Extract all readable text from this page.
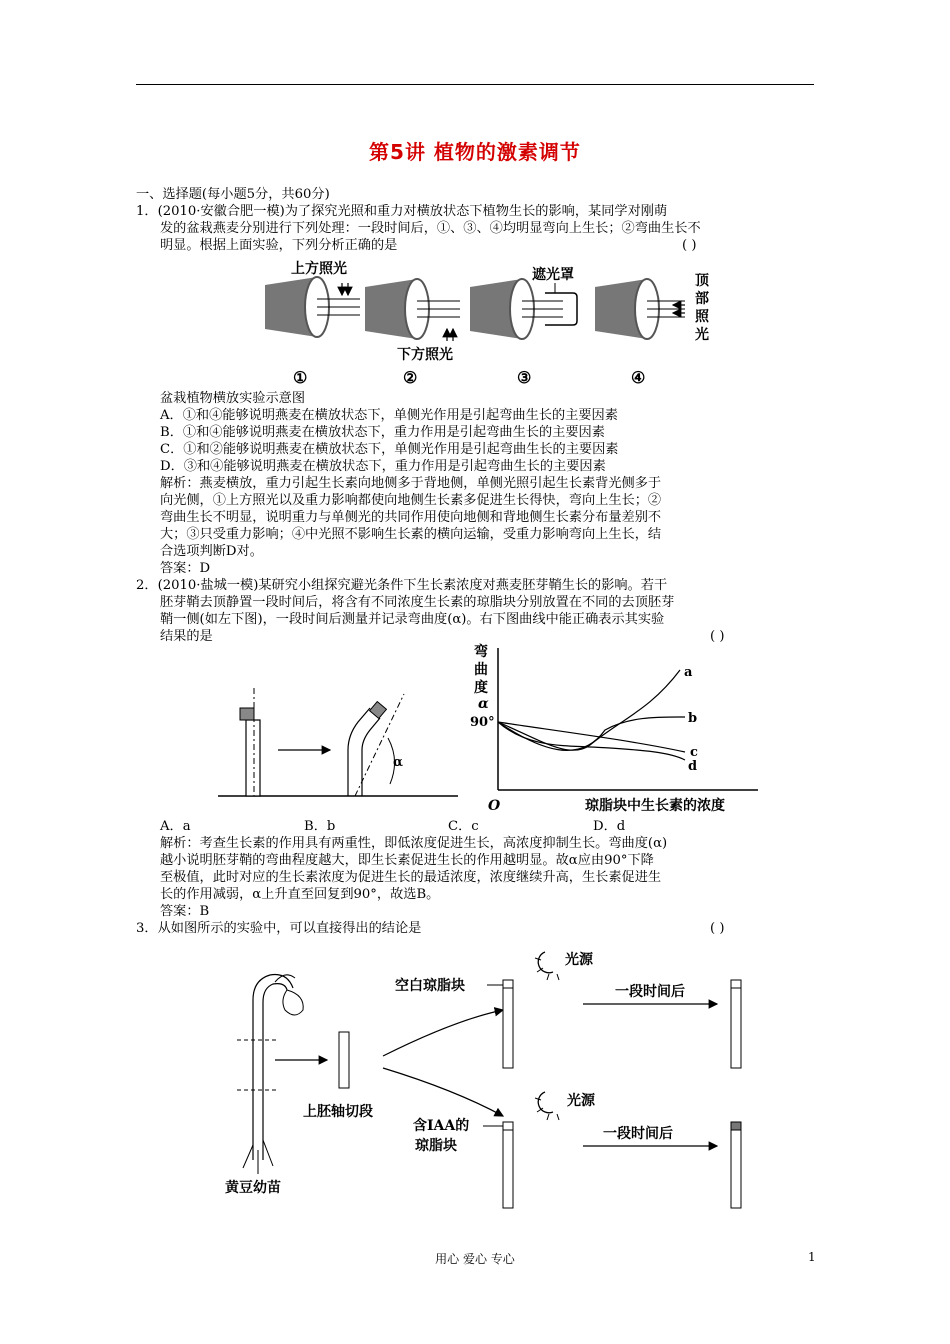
第5讲 植物的激素调节
一、选择题(每小题5分，共60分)
1．(2010·安徽合肥一模)为了探究光照和重力对横放状态下植物生长的影响，某同学对刚萌
发的盆栽燕麦分别进行下列处理：一段时间后，①、③、④均明显弯向上生长；②弯曲生长不
明显。根据上面实验，下列分析正确的是	( )
上方照光
下方照光
遮光罩	顶
部
照
光
①	②	③	④
盆栽植物横放实验示意图
A．①和④能够说明燕麦在横放状态下，单侧光作用是引起弯曲生长的主要因素
B．①和④能够说明燕麦在横放状态下，重力作用是引起弯曲生长的主要因素
C．①和②能够说明燕麦在横放状态下，单侧光作用是引起弯曲生长的主要因素
D．③和④能够说明燕麦在横放状态下，重力作用是引起弯曲生长的主要因素
解析：燕麦横放，重力引起生长素向地侧多于背地侧，单侧光照引起生长素背光侧多于
向光侧，①上方照光以及重力影响都使向地侧生长素多促进生长得快，弯向上生长；②
弯曲生长不明显，说明重力与单侧光的共同作用使向地侧和背地侧生长素分布量差别不
大；③只受重力影响；④中光照不影响生长素的横向运输，受重力影响弯向上生长，结
合选项判断D对。
答案：D
2．(2010·盐城一模)某研究小组探究避光条件下生长素浓度对燕麦胚芽鞘生长的影响。若干
胚芽鞘去顶静置一段时间后，将含有不同浓度生长素的琼脂块分别放置在不同的去顶胚芽
鞘一侧(如左下图)，一段时间后测量并记录弯曲度(α)。右下图曲线中能正确表示其实验
结果的是	( )
α
弯
曲
度
α
90°
O	琼脂块中生长素的浓度
a
b
c
d
A．a	B．b	C．c	D．d
解析：考查生长素的作用具有两重性，即低浓度促进生长，高浓度抑制生长。弯曲度(α)
越小说明胚芽鞘的弯曲程度越大，即生长素促进生长的作用越明显。故α应由90°下降
至极值，此时对应的生长素浓度为促进生长的最适浓度，浓度继续升高，生长素促进生
长的作用减弱，α上升直至回复到90°，故选B。
答案：B
3．从如图所示的实验中，可以直接得出的结论是	( )
黄豆幼苗
上胚轴切段
空白琼脂块
光源
一段时间后
含IAA的
琼脂块
光源
一段时间后
用心 爱心 专心	1
